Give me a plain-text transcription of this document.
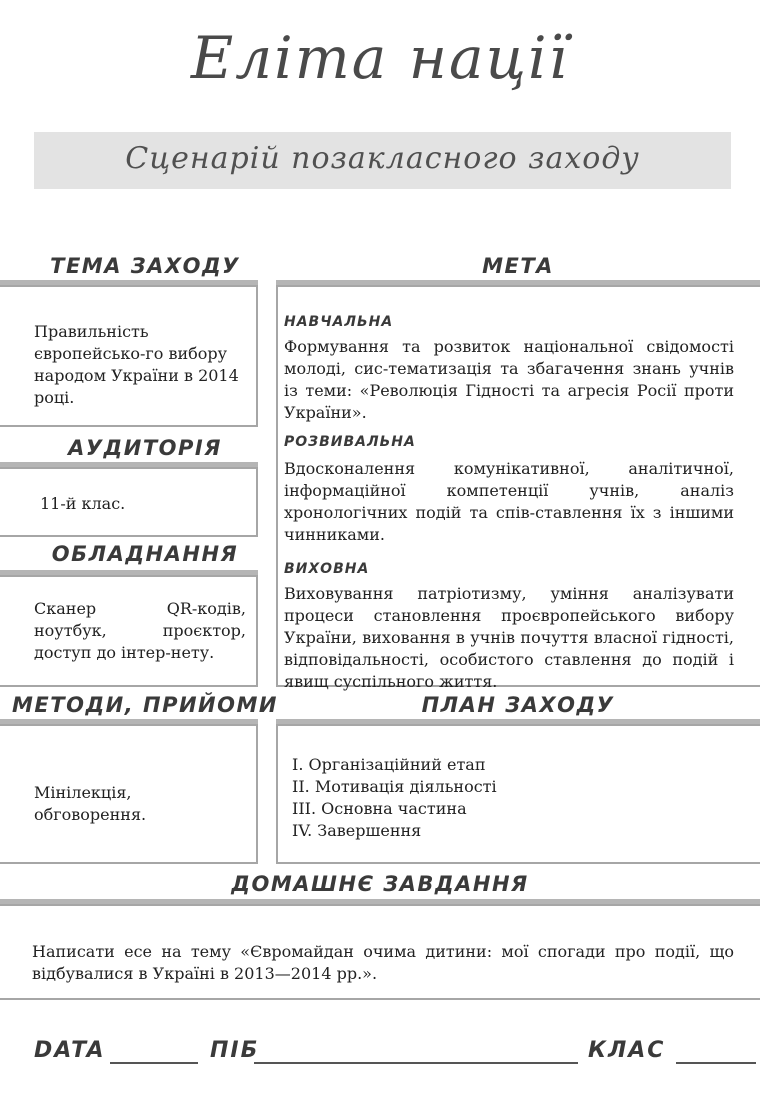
Еліта нації
Сценарій позакласного заходу
ТЕМА ЗАХОДУ
Правильність європейсько-го вибору народом України в 2014 році.
АУДИТОРІЯ
11-й клас.
ОБЛАДНАННЯ
Сканер QR-кодів, ноутбук, проєктор, доступ до інтер-нету.
МЕТА
НАВЧАЛЬНА
Формування та розвиток національної свідомості молоді, сис-тематизація та збагачення знань учнів із теми: «Революція Гідності та агресія Росії проти України».
РОЗВИВАЛЬНА
Вдосконалення комунікативної, аналітичної, інформаційної компетенції учнів, аналіз хронологічних подій та спів-ставлення їх з іншими чинниками.
ВИХОВНА
Виховування патріотизму, уміння аналізувати процеси становлення проєвропейського вибору України, виховання в учнів почуття власної гідності, відповідальності, особистого ставлення до подій і явищ суспільного життя.
МЕТОДИ, ПРИЙОМИ
Мінілекція, обговорення.
ПЛАН ЗАХОДУ
І. Організаційний етап
ІІ. Мотивація діяльності
ІІІ. Основна частина
ІV. Завершення
ДОМАШНЄ ЗАВДАННЯ
Написати есе на тему «Євромайдан очима дитини: мої спогади про події, що відбувалися в Україні в 2013—2014 рр.».
DATA	ПІБ	КЛАС
